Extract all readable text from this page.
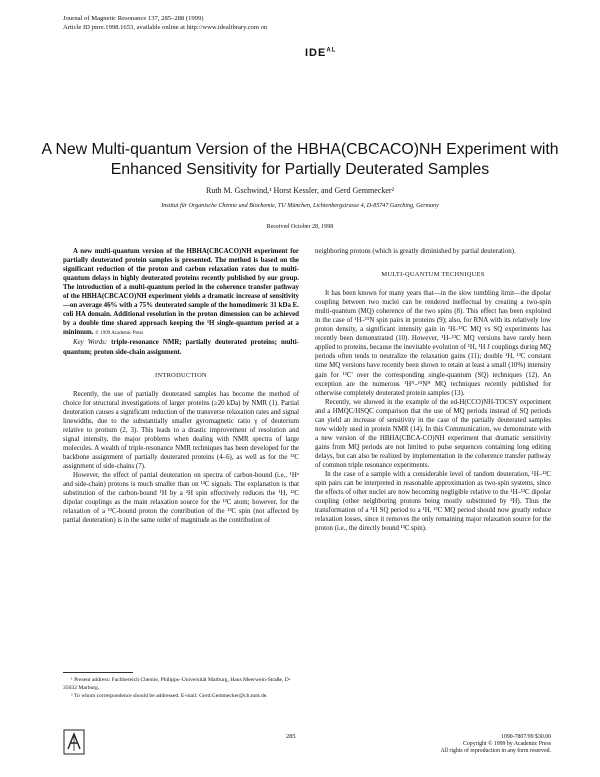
Journal of Magnetic Resonance 137, 285–288 (1999)
Article ID jmre.1998.1653, available online at http://www.idealibrary.com on
$IDE^{AL}$
A New Multi-quantum Version of the HBHA(CBCACO)NH Experiment with Enhanced Sensitivity for Partially Deuterated Samples
Ruth M. Gschwind,¹ Horst Kessler, and Gerd Gemmecker²
Institut für Organische Chemie und Biochemie, TU München, Lichtenbergstrasse 4, D-85747 Garching, Germany
Received October 28, 1998

A new multi-quantum version of the HBHA(CBCACO)NH experiment for partially deuterated protein samples is presented. The method is based on the significant reduction of the proton and carbon relaxation rates due to multi-quantum delays in highly deuterated proteins recently published by our group. The introduction of a multi-quantum period in the coherence transfer pathway of the HBHA(CBCACO)NH experiment yields a dramatic increase of sensitivity—on average 46% with a 75% deuterated sample of the homodimeric 31 kDa E. coli HA domain. Additional resolution in the proton dimension can be achieved by a double time shared approach keeping the ¹H single-quantum period at a minimum. © 1999 Academic Press

Key Words: triple-resonance NMR; partially deuterated proteins; multi-quantum; proton side-chain assignment.

INTRODUCTION

Recently, the use of partially deuterated samples has become the method of choice for structural investigations of larger proteins (≥20 kDa) by NMR (1). Partial deuteration causes a significant reduction of the transverse relaxation rates and signal linewidths, due to the substantially smaller gyromagnetic ratio γ of deuterium relative to protium (2, 3). This leads to a drastic improvement of resolution and signal intensity, the major problems when dealing with NMR spectra of large molecules. A wealth of triple-resonance NMR techniques has been developed for the backbone assignment of partially deuterated proteins (4–6), as well as for the ¹³C assignment of side-chains (7).

However, the effect of partial deuteration on spectra of carbon-bound (i.e., ¹Hᵅ and side-chain) protons is much smaller than on ¹³C signals. The explanation is that substitution of the carbon-bound ¹H by a ²H spin effectively reduces the ¹H, ¹³C dipolar couplings as the main relaxation source for the ¹³C atom; however, for the relaxation of a ¹³C-bound proton the contribution of the ¹³C spin (not affected by partial deuteration) is in the same order of magnitude as the contribution of

neighboring protons (which is greatly diminished by partial deuteration).

MULTI-QUANTUM TECHNIQUES

It has been known for many years that—in the slow tumbling limit—the dipolar coupling between two nuclei can be rendered ineffectual by creating a two-spin multi-quantum (MQ) coherence of the two spins (8). This effect has been exploited in the case of ¹H–¹⁵N spin pairs in proteins (9); also, for RNA with its relatively low proton density, a significant intensity gain in ¹H–¹³C MQ vs SQ experiments has recently been demonstrated (10). However, ¹H–¹³C MQ versions have rarely been applied to proteins, because the inevitable evolution of ¹H, ¹H J couplings during MQ periods often tends to neutralize the relaxation gains (11); double ¹H, ¹³C constant time MQ versions have recently been shown to retain at least a small (10%) intensity gain for ¹³C' over the corresponding single-quantum (SQ) techniques (12). An exception are the numerous ¹Hᴺ–¹⁵Nᴴ MQ techniques recently published for otherwise completely deuterated protein samples (13).

Recently, we showed in the example of the ed-H(CCO)NH-TOCSY experiment and a HMQC/HSQC comparison that the use of MQ periods instead of SQ periods can yield an increase of sensitivity in the case of the partially deuterated samples now widely used in protein NMR (14). In this Communication, we demonstrate with a new version of the HBHA(CBCA-CO)NH experiment that dramatic sensitivity gains from MQ periods are not limited to pulse sequences containing long editing delays, but can also be realized by implementation in the coherence transfer pathway of common triple resonance experiments.

In the case of a sample with a considerable level of random deuteration, ¹H–¹³C spin pairs can be interpreted in reasonable approximation as two-spin systems, since the effects of other nuclei are now becoming negligible relative to the ¹H–¹³C dipolar coupling (other neighboring protons being mostly substituted by ²H). Thus the transformation of a ¹H SQ period to a ¹H, ¹³C MQ period should now greatly reduce relaxation losses, since it removes the only remaining major relaxation source for the proton (i.e., the directly bound ¹³C spin).

¹ Present address: Fachbereich Chemie, Philipps–Universität Marburg, Hans Meerwein-Straße, D-35032 Marburg.

² To whom correspondence should be addressed. E-mail: Gerd.Gemmecker@ch.tum.de.

285	1090-7807/99 $30.00
Copyright © 1999 by Academic Press
All rights of reproduction in any form reserved.
